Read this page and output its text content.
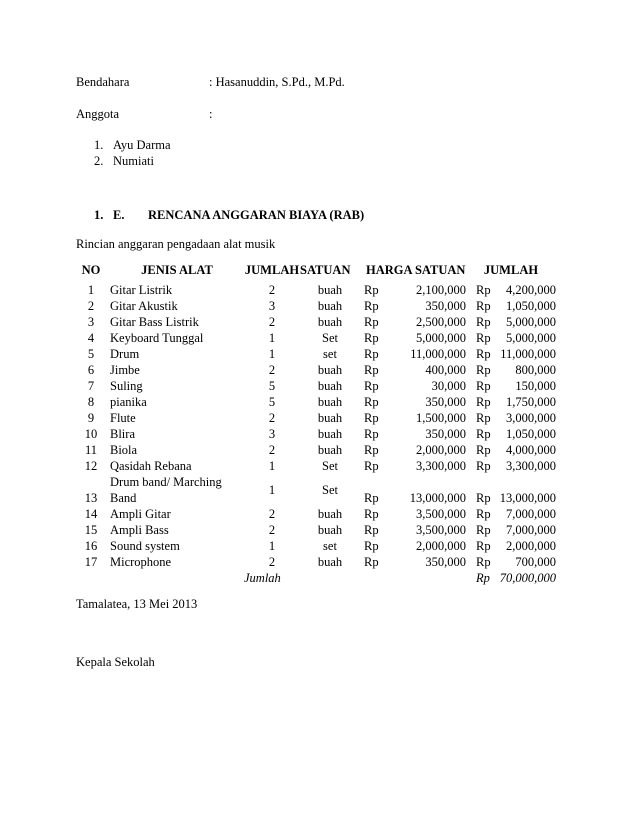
Bendahara	: Hasanuddin, S.Pd., M.Pd.
Anggota	:
1. Ayu Darma
2. Numiati
1. E. RENCANA ANGGARAN BIAYA (RAB)
Rincian anggaran pengadaan alat musik
NO	JENIS ALAT	JUMLAH	SATUAN	HARGA SATUAN		JUMLAH	
1	Gitar Listrik	2	buah	Rp	2,100,000	Rp	4,200,000
2	Gitar Akustik	3	buah	Rp	350,000	Rp	1,050,000
3	Gitar Bass Listrik	2	buah	Rp	2,500,000	Rp	5,000,000
4	Keyboard Tunggal	1	Set	Rp	5,000,000	Rp	5,000,000
5	Drum	1	set	Rp	11,000,000	Rp	11,000,000
6	Jimbe	2	buah	Rp	400,000	Rp	800,000
7	Suling	5	buah	Rp	30,000	Rp	150,000
8	pianika	5	buah	Rp	350,000	Rp	1,750,000
9	Flute	2	buah	Rp	1,500,000	Rp	3,000,000
10	Blira	3	buah	Rp	350,000	Rp	1,050,000
11	Biola	2	buah	Rp	2,000,000	Rp	4,000,000
12	Qasidah Rebana	1	Set	Rp	3,300,000	Rp	3,300,000
13	Drum band/ Marching
Band	1	Set	Rp	13,000,000	Rp	13,000,000
14	Ampli Gitar	2	buah	Rp	3,500,000	Rp	7,000,000
15	Ampli Bass	2	buah	Rp	3,500,000	Rp	7,000,000
16	Sound system	1	set	Rp	2,000,000	Rp	2,000,000
17	Microphone	2	buah	Rp	350,000	Rp	700,000
		Jumlah				Rp	70,000,000
Tamalatea, 13 Mei 2013
Kepala Sekolah
